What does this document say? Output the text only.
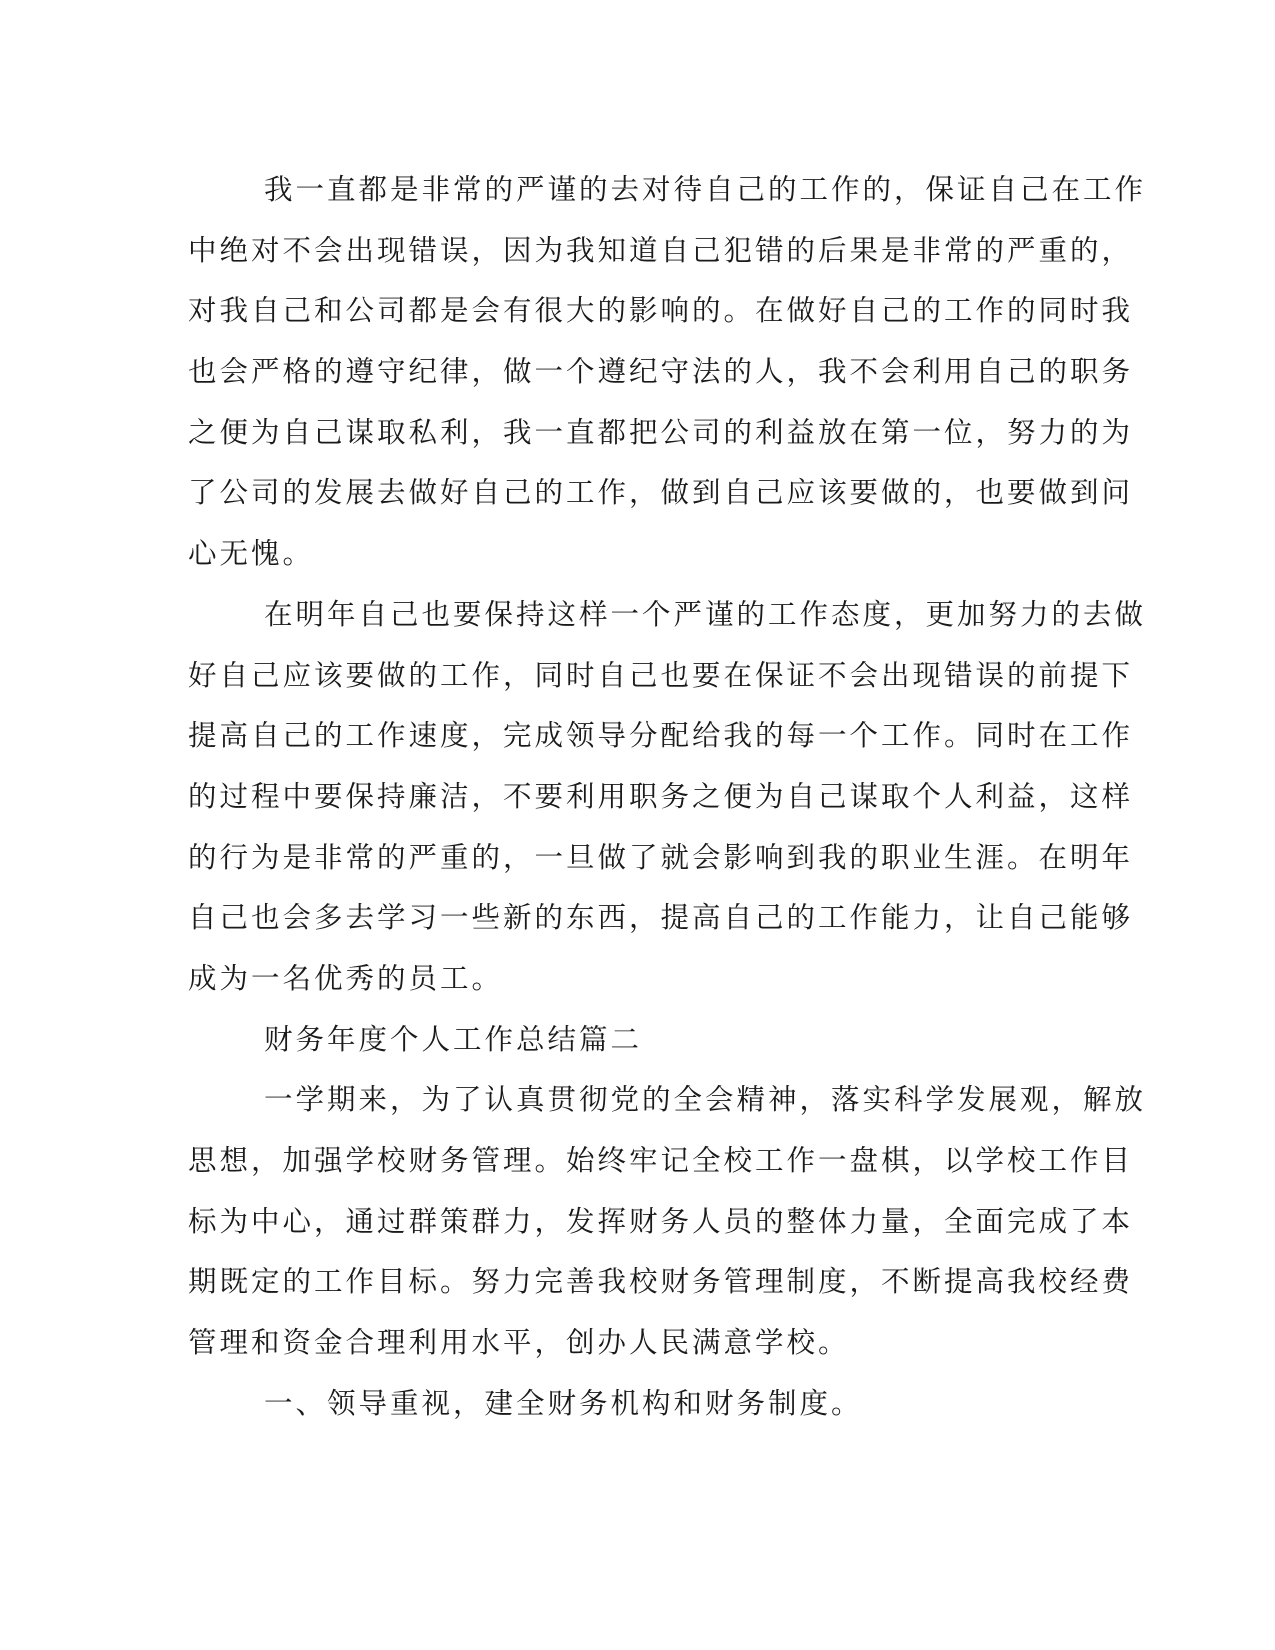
我一直都是非常的严谨的去对待自己的工作的，保证自己在工作
中绝对不会出现错误，因为我知道自己犯错的后果是非常的严重的，
对我自己和公司都是会有很大的影响的。在做好自己的工作的同时我
也会严格的遵守纪律，做一个遵纪守法的人，我不会利用自己的职务
之便为自己谋取私利，我一直都把公司的利益放在第一位，努力的为
了公司的发展去做好自己的工作，做到自己应该要做的，也要做到问
心无愧。
在明年自己也要保持这样一个严谨的工作态度，更加努力的去做
好自己应该要做的工作，同时自己也要在保证不会出现错误的前提下
提高自己的工作速度，完成领导分配给我的每一个工作。同时在工作
的过程中要保持廉洁，不要利用职务之便为自己谋取个人利益，这样
的行为是非常的严重的，一旦做了就会影响到我的职业生涯。在明年
自己也会多去学习一些新的东西，提高自己的工作能力，让自己能够
成为一名优秀的员工。
财务年度个人工作总结篇二
一学期来，为了认真贯彻党的全会精神，落实科学发展观，解放
思想，加强学校财务管理。始终牢记全校工作一盘棋，以学校工作目
标为中心，通过群策群力，发挥财务人员的整体力量，全面完成了本
期既定的工作目标。努力完善我校财务管理制度，不断提高我校经费
管理和资金合理利用水平，创办人民满意学校。
一、领导重视，建全财务机构和财务制度。
